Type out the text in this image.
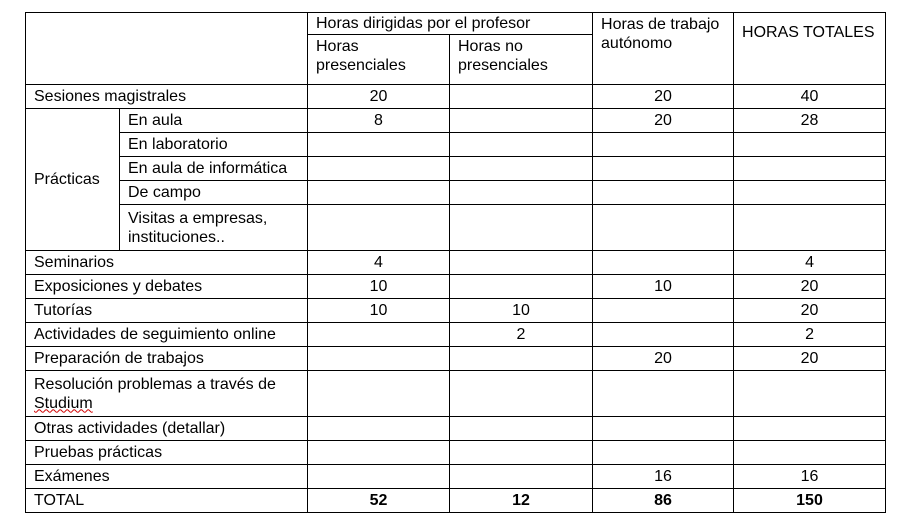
		Horas dirigidas por el profesor		Horas de trabajo autónomo	HORAS TOTALES
		Horas presenciales	Horas no presenciales		
Sesiones magistrales		20		20	40
Prácticas	En aula	8		20	28
	En laboratorio				
	En aula de informática				
	De campo				
	Visitas a empresas, instituciones..				
Seminarios		4			4
Exposiciones y debates		10		10	20
Tutorías		10	10		20
Actividades de seguimiento online			2		2
Preparación de trabajos				20	20
Resolución problemas a través de
Studium					
Otras actividades (detallar)					
Pruebas prácticas					
Exámenes				16	16
TOTAL		52	12	86	150
